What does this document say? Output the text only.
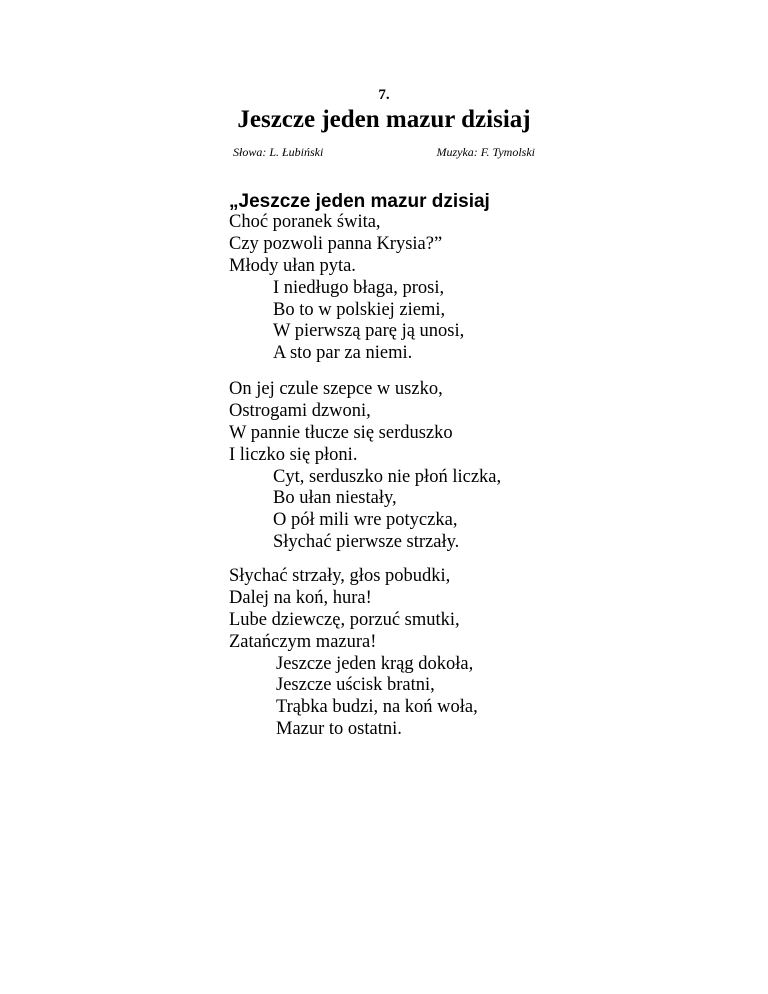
7.
Jeszcze jeden mazur dzisiaj
Słowa: L. Łubiński	Muzyka: F. Tymolski
„Jeszcze jeden mazur dzisiaj
Choć poranek świta,
Czy pozwoli panna Krysia?”
Młody ułan pyta.
I niedługo błaga, prosi,
Bo to w polskiej ziemi,
W pierwszą parę ją unosi,
A sto par za niemi.
On jej czule szepce w uszko,
Ostrogami dzwoni,
W pannie tłucze się serduszko
I liczko się płoni.
Cyt, serduszko nie płoń liczka,
Bo ułan niestały,
O pół mili wre potyczka,
Słychać pierwsze strzały.
Słychać strzały, głos pobudki,
Dalej na koń, hura!
Lube dziewczę, porzuć smutki,
Zatańczym mazura!
Jeszcze jeden krąg dokoła,
Jeszcze uścisk bratni,
Trąbka budzi, na koń woła,
Mazur to ostatni.
